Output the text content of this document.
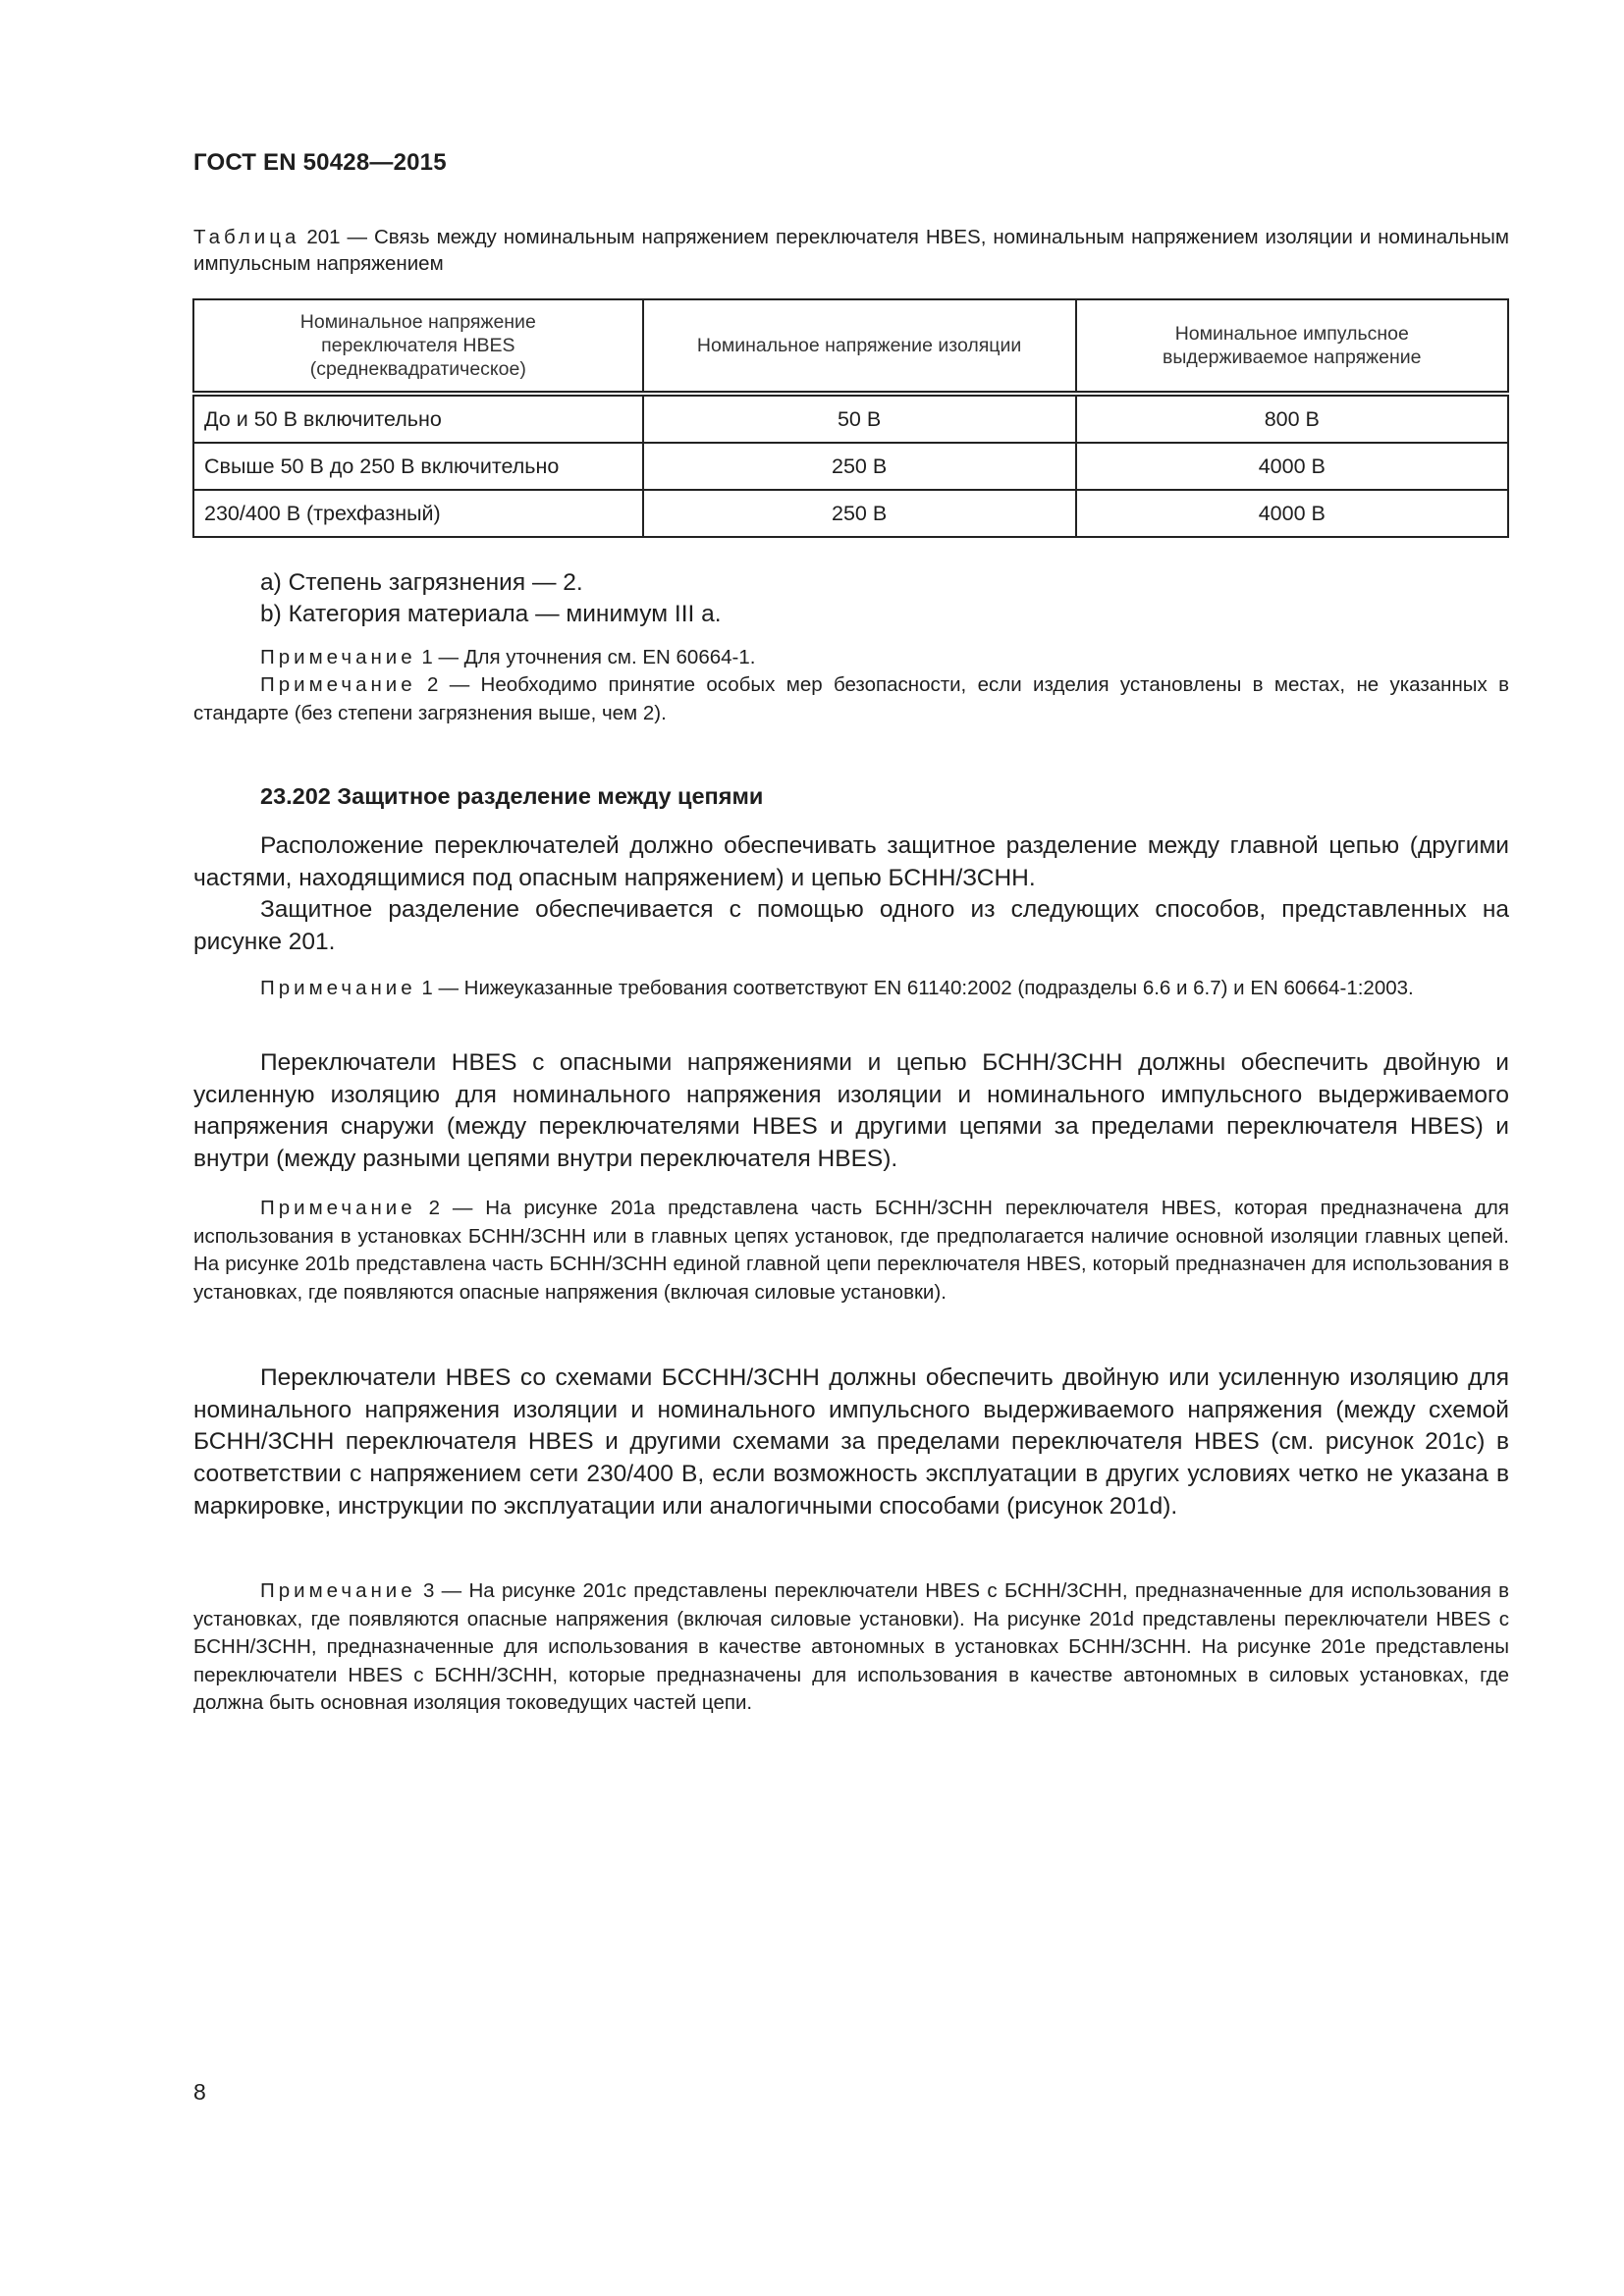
ГОСТ EN 50428—2015
Таблица 201 — Связь между номинальным напряжением переключателя HBES, номинальным напряжением изоляции и номинальным импульсным напряжением
Номинальное напряжение переключателя HBES (среднеквадратическое)	Номинальное напряжение изоляции	Номинальное импульсное выдерживаемое напряжение
До и 50 В включительно	50 В	800 В
Свыше 50 В до 250 В включительно	250 В	4000 В
230/400 В (трехфазный)	250 В	4000 В
a) Степень загрязнения — 2.
b) Категория материала — минимум III а.

Примечание 1 — Для уточнения см. EN 60664-1.

Примечание 2 — Необходимо принятие особых мер безопасности, если изделия установлены в местах, не указанных в стандарте (без степени загрязнения выше, чем 2).

23.202 Защитное разделение между цепями

Расположение переключателей должно обеспечивать защитное разделение между главной цепью (другими частями, находящимися под опасным напряжением) и цепью БСНН/ЗСНН.

Защитное разделение обеспечивается с помощью одного из следующих способов, представленных на рисунке 201.

Примечание 1 — Нижеуказанные требования соответствуют EN 61140:2002 (подразделы 6.6 и 6.7) и EN 60664-1:2003.

Переключатели HBES с опасными напряжениями и цепью БСНН/ЗСНН должны обеспечить двойную и усиленную изоляцию для номинального напряжения изоляции и номинального импульсного выдерживаемого напряжения снаружи (между переключателями HBES и другими цепями за пределами переключателя HBES) и внутри (между разными цепями внутри переключателя HBES).

Примечание 2 — На рисунке 201а представлена часть БСНН/ЗСНН переключателя HBES, которая предназначена для использования в установках БСНН/ЗСНН или в главных цепях установок, где предполагается наличие основной изоляции главных цепей. На рисунке 201b представлена часть БСНН/ЗСНН единой главной цепи переключателя HBES, который предназначен для использования в установках, где появляются опасные напряжения (включая силовые установки).

Переключатели HBES со схемами БССНН/ЗСНН должны обеспечить двойную или усиленную изоляцию для номинального напряжения изоляции и номинального импульсного выдерживаемого напряжения (между схемой БСНН/ЗСНН переключателя HBES и другими схемами за пределами переключателя HBES (см. рисунок 201с) в соответствии с напряжением сети 230/400 В, если возможность эксплуатации в других условиях четко не указана в маркировке, инструкции по эксплуатации или аналогичными способами (рисунок 201d).

Примечание 3 — На рисунке 201с представлены переключатели HBES с БСНН/ЗСНН, предназначенные для использования в установках, где появляются опасные напряжения (включая силовые установки). На рисунке 201d представлены переключатели HBES с БСНН/ЗСНН, предназначенные для использования в качестве автономных в установках БСНН/ЗСНН. На рисунке 201е представлены переключатели HBES с БСНН/ЗСНН, которые предназначены для использования в качестве автономных в силовых установках, где должна быть основная изоляция токоведущих частей цепи.

8
